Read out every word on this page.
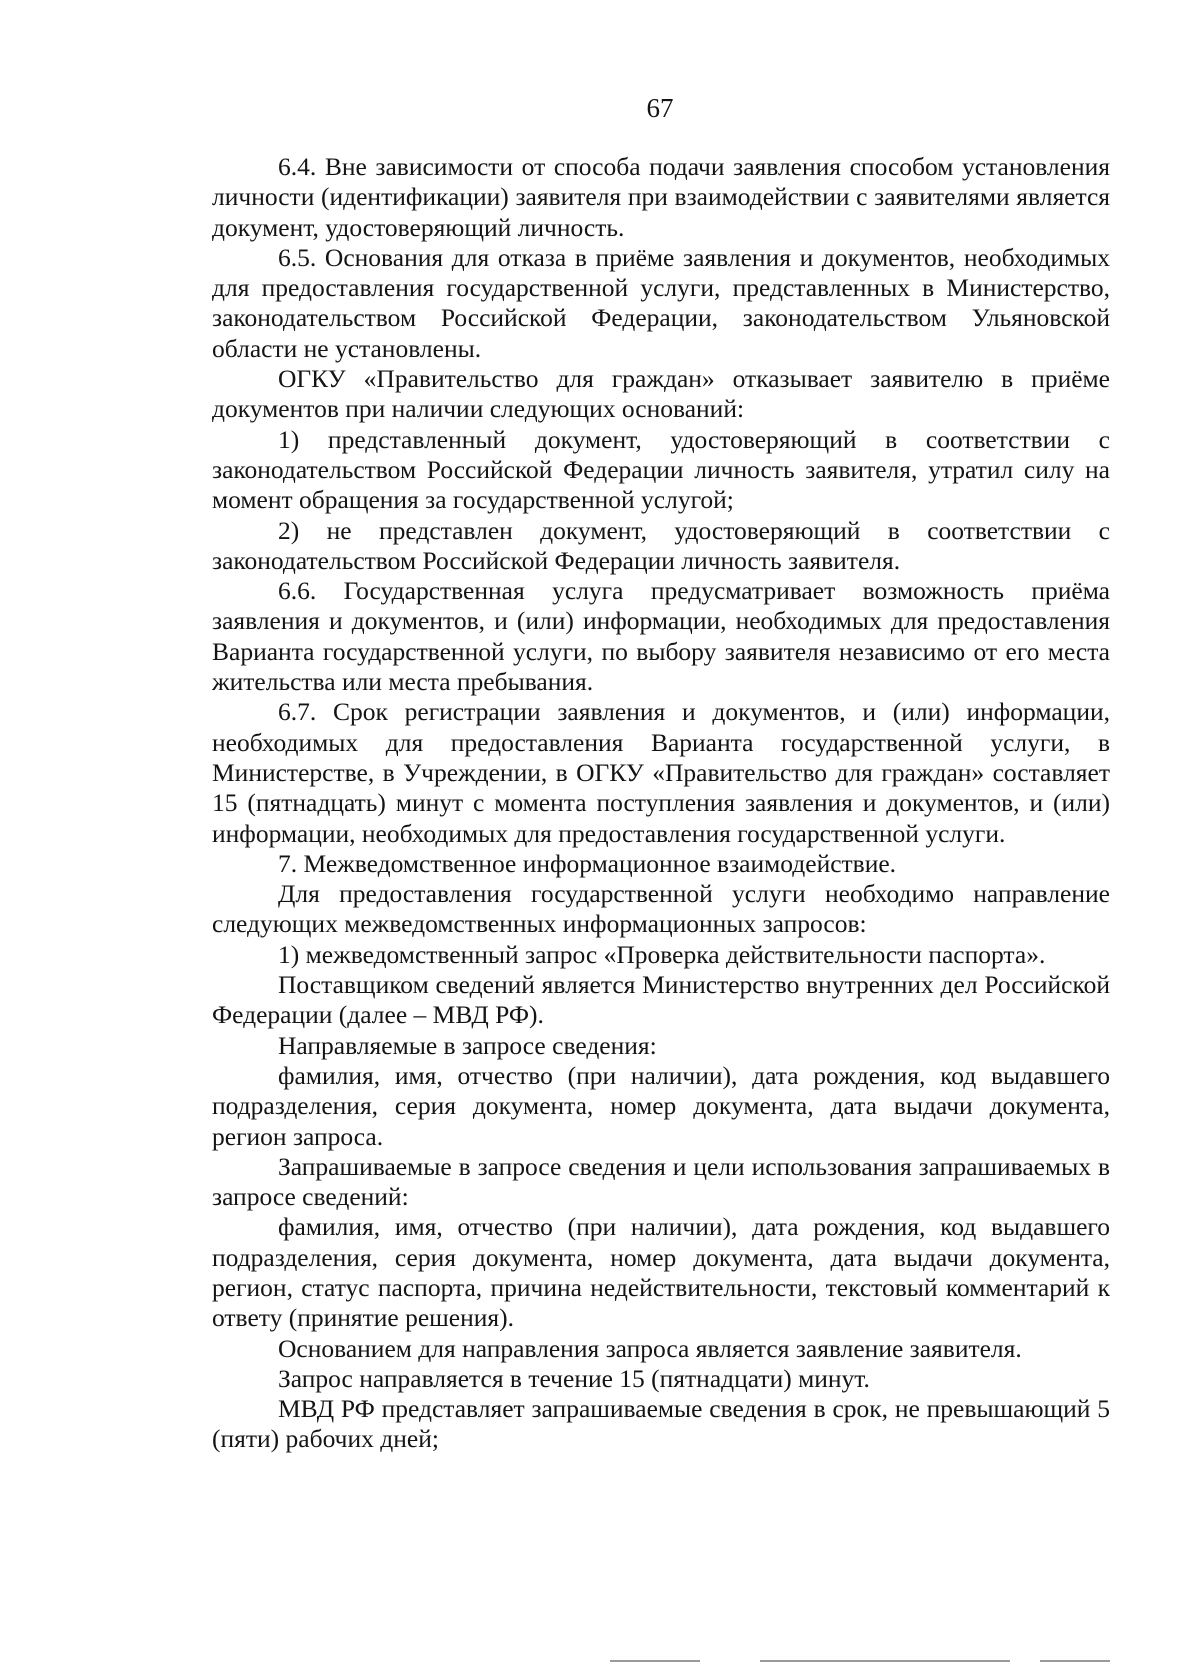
67

6.4. Вне зависимости от способа подачи заявления способом установления личности (идентификации) заявителя при взаимодействии с заявителями является документ, удостоверяющий личность.

6.5. Основания для отказа в приёме заявления и документов, необходимых для предоставления государственной услуги, представленных в Министерство, законодательством Российской Федерации, законодательством Ульяновской области не установлены.

ОГКУ «Правительство для граждан» отказывает заявителю в приёме документов при наличии следующих оснований:

1) представленный документ, удостоверяющий в соответствии с законодательством Российской Федерации личность заявителя, утратил силу на момент обращения за государственной услугой;

2) не представлен документ, удостоверяющий в соответствии с законодательством Российской Федерации личность заявителя.

6.6. Государственная услуга предусматривает возможность приёма заявления и документов, и (или) информации, необходимых для предоставления Варианта государственной услуги, по выбору заявителя независимо от его места жительства или места пребывания.

6.7. Срок регистрации заявления и документов, и (или) информации, необходимых для предоставления Варианта государственной услуги, в Министерстве, в Учреждении, в ОГКУ «Правительство для граждан» составляет 15 (пятнадцать) минут с момента поступления заявления и документов, и (или) информации, необходимых для предоставления государственной услуги.

7. Межведомственное информационное взаимодействие.

Для предоставления государственной услуги необходимо направление следующих межведомственных информационных запросов:

1) межведомственный запрос «Проверка действительности паспорта».

Поставщиком сведений является Министерство внутренних дел Российской Федерации (далее – МВД РФ).

Направляемые в запросе сведения:

фамилия, имя, отчество (при наличии), дата рождения, код выдавшего подразделения, серия документа, номер документа, дата выдачи документа, регион запроса.

Запрашиваемые в запросе сведения и цели использования запрашиваемых в запросе сведений:

фамилия, имя, отчество (при наличии), дата рождения, код выдавшего подразделения, серия документа, номер документа, дата выдачи документа, регион, статус паспорта, причина недействительности, текстовый комментарий к ответу (принятие решения).

Основанием для направления запроса является заявление заявителя.

Запрос направляется в течение 15 (пятнадцати) минут.

МВД РФ представляет запрашиваемые сведения в срок, не превышающий 5 (пяти) рабочих дней;
